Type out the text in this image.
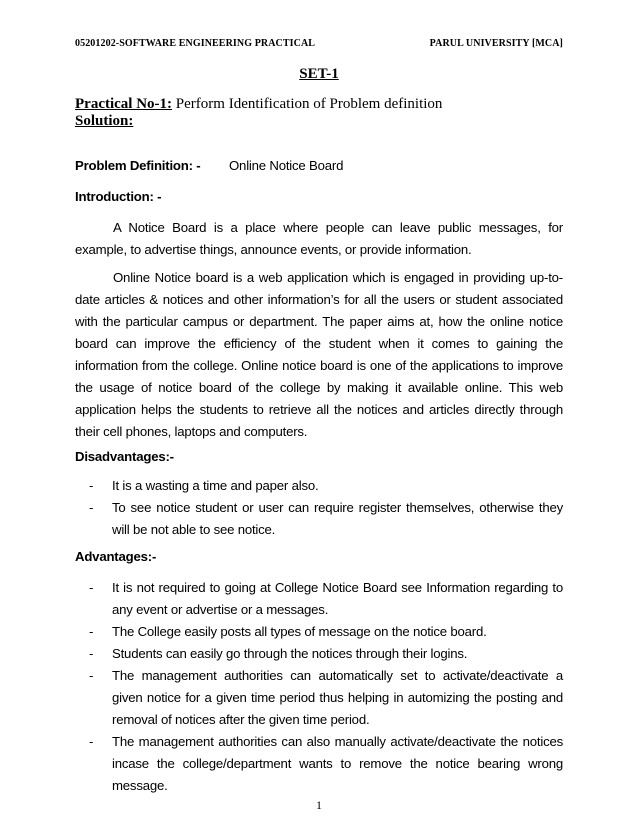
05201202-SOFTWARE ENGINEERING PRACTICAL	PARUL UNIVERSITY [MCA]
SET-1
Practical No-1: Perform Identification of Problem definition
Solution:
Problem Definition: - Online Notice Board
Introduction: -

A Notice Board is a place where people can leave public messages, for example, to advertise things, announce events, or provide information.

Online Notice board is a web application which is engaged in providing up-to-date articles & notices and other information’s for all the users or student associated with the particular campus or department. The paper aims at, how the online notice board can improve the efficiency of the student when it comes to gaining the information from the college. Online notice board is one of the applications to improve the usage of notice board of the college by making it available online. This web application helps the students to retrieve all the notices and articles directly through their cell phones, laptops and computers.

Disadvantages:-
- It is a wasting a time and paper also.
- To see notice student or user can require register themselves, otherwise they will be not able to see notice.
Advantages:-
- It is not required to going at College Notice Board see Information regarding to any event or advertise or a messages.
- The College easily posts all types of message on the notice board.
- Students can easily go through the notices through their logins.
- The management authorities can automatically set to activate/deactivate a given notice for a given time period thus helping in automizing the posting and removal of notices after the given time period.
- The management authorities can also manually activate/deactivate the notices incase the college/department wants to remove the notice bearing wrong message.
1
